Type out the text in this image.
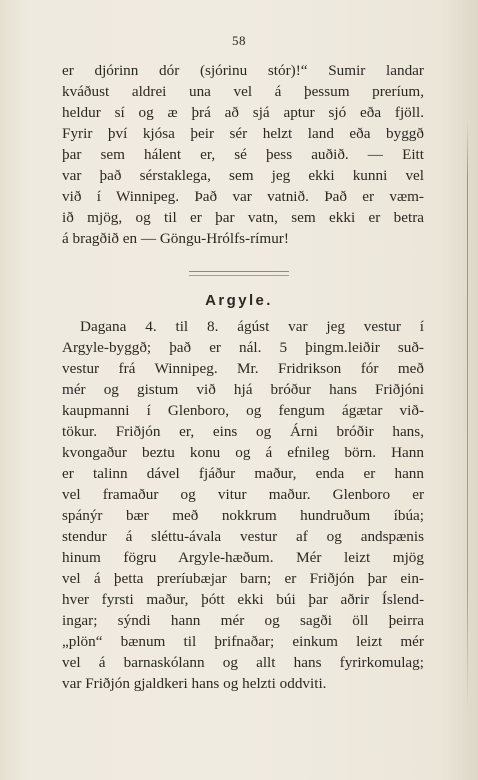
58
er djórinn dór (sjórinu stór)!“ Sumir landar
kváðust aldrei una vel á þessum preríum,
heldur sí og æ þrá að sjá aptur sjó eða fjöll.
Fyrir því kjósa þeir sér helzt land eða byggð
þar sem hálent er, sé þess auðið. — Eitt
var það sérstaklega, sem jeg ekki kunni vel
við í Winnipeg. Það var vatnið. Það er væm-
ið mjög, og til er þar vatn, sem ekki er betra
á bragðið en — Göngu-Hrólfs-rímur!
Argyle.
Dagana 4. til 8. ágúst var jeg vestur í
Argyle-byggð; það er nál. 5 þingm.leiðir suð-
vestur frá Winnipeg. Mr. Fridrikson fór með
mér og gistum við hjá bróður hans Friðjóni
kaupmanni í Glenboro, og fengum ágætar við-
tökur. Friðjón er, eins og Árni bróðir hans,
kvongaður beztu konu og á efnileg börn. Hann
er talinn dável fjáður maður, enda er hann
vel framaður og vitur maður. Glenboro er
spánýr bær með nokkrum hundruðum íbúa;
stendur á sléttu-ávala vestur af og andspænis
hinum fögru Argyle-hæðum. Mér leizt mjög
vel á þetta preríubæjar barn; er Friðjón þar ein-
hver fyrsti maður, þótt ekki búi þar aðrir Íslend-
ingar; sýndi hann mér og sagði öll þeirra
„plön“ bænum til þrifnaðar; einkum leizt mér
vel á barnaskólann og allt hans fyrirkomulag;
var Friðjón gjaldkeri hans og helzti oddviti.
